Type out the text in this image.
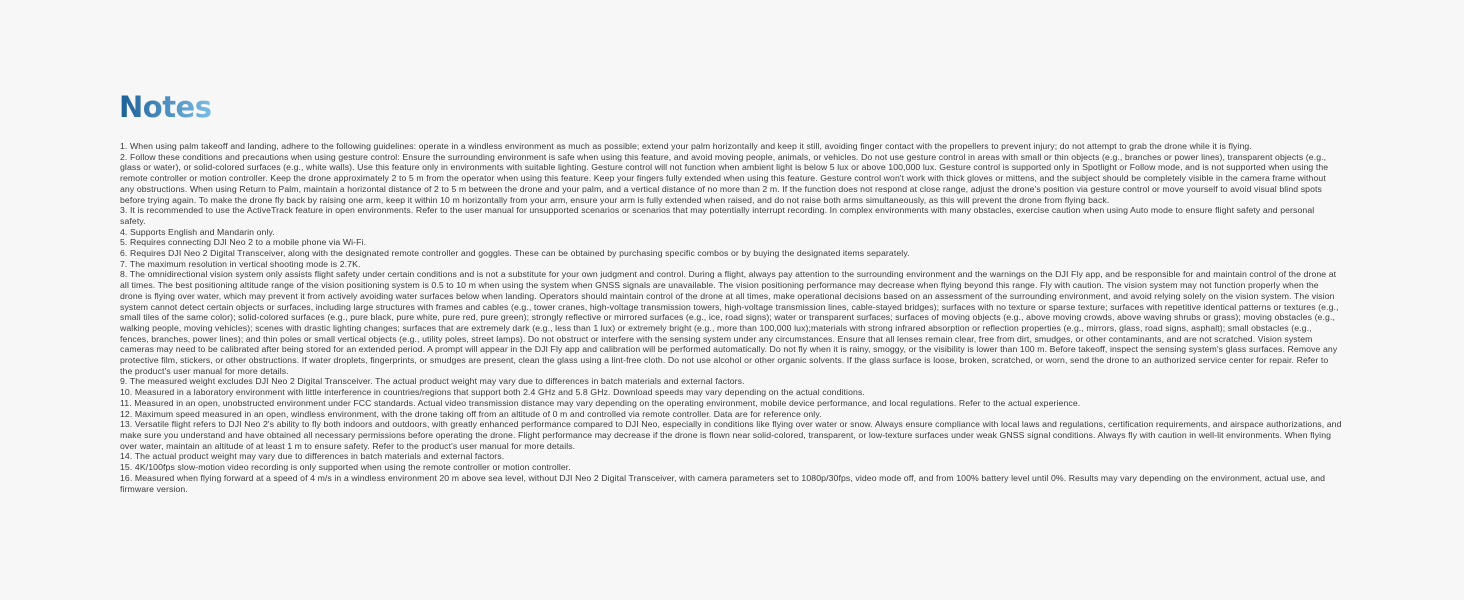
Notes
1. When using palm takeoff and landing, adhere to the following guidelines: operate in a windless environment as much as possible; extend your palm horizontally and keep it still, avoiding finger contact with the propellers to prevent injury; do not attempt to grab the drone while it is flying.
2. Follow these conditions and precautions when using gesture control: Ensure the surrounding environment is safe when using this feature, and avoid moving people, animals, or vehicles. Do not use gesture control in areas with small or thin objects (e.g., branches or power lines), transparent objects (e.g., glass or water), or solid-colored surfaces (e.g., white walls). Use this feature only in environments with suitable lighting. Gesture control will not function when ambient light is below 5 lux or above 100,000 lux. Gesture control is supported only in Spotlight or Follow mode, and is not supported when using the remote controller or motion controller. Keep the drone approximately 2 to 5 m from the operator when using this feature. Keep your fingers fully extended when using this feature. Gesture control won't work with thick gloves or mittens, and the subject should be completely visible in the camera frame without any obstructions. When using Return to Palm, maintain a horizontal distance of 2 to 5 m between the drone and your palm, and a vertical distance of no more than 2 m. If the function does not respond at close range, adjust the drone's position via gesture control or move yourself to avoid visual blind spots before trying again. To make the drone fly back by raising one arm, keep it within 10 m horizontally from your arm, ensure your arm is fully extended when raised, and do not raise both arms simultaneously, as this will prevent the drone from flying back.
3. It is recommended to use the ActiveTrack feature in open environments. Refer to the user manual for unsupported scenarios or scenarios that may potentially interrupt recording. In complex environments with many obstacles, exercise caution when using Auto mode to ensure flight safety and personal safety.
4. Supports English and Mandarin only.
5. Requires connecting DJI Neo 2 to a mobile phone via Wi-Fi.
6. Requires DJI Neo 2 Digital Transceiver, along with the designated remote controller and goggles. These can be obtained by purchasing specific combos or by buying the designated items separately.
7. The maximum resolution in vertical shooting mode is 2.7K.
8. The omnidirectional vision system only assists flight safety under certain conditions and is not a substitute for your own judgment and control. During a flight, always pay attention to the surrounding environment and the warnings on the DJI Fly app, and be responsible for and maintain control of the drone at all times. The best positioning altitude range of the vision positioning system is 0.5 to 10 m when using the system when GNSS signals are unavailable. The vision positioning performance may decrease when flying beyond this range. Fly with caution. The vision system may not function properly when the drone is flying over water, which may prevent it from actively avoiding water surfaces below when landing. Operators should maintain control of the drone at all times, make operational decisions based on an assessment of the surrounding environment, and avoid relying solely on the vision system. The vision system cannot detect certain objects or surfaces, including large structures with frames and cables (e.g., tower cranes, high-voltage transmission towers, high-voltage transmission lines, cable-stayed bridges); surfaces with no texture or sparse texture; surfaces with repetitive identical patterns or textures (e.g., small tiles of the same color); solid-colored surfaces (e.g., pure black, pure white, pure red, pure green); strongly reflective or mirrored surfaces (e.g., ice, road signs); water or transparent surfaces; surfaces of moving objects (e.g., above moving crowds, above waving shrubs or grass); moving obstacles (e.g., walking people, moving vehicles); scenes with drastic lighting changes; surfaces that are extremely dark (e.g., less than 1 lux) or extremely bright (e.g., more than 100,000 lux);materials with strong infrared absorption or reflection properties (e.g., mirrors, glass, road signs, asphalt); small obstacles (e.g., fences, branches, power lines); and thin poles or small vertical objects (e.g., utility poles, street lamps). Do not obstruct or interfere with the sensing system under any circumstances. Ensure that all lenses remain clear, free from dirt, smudges, or other contaminants, and are not scratched. Vision system cameras may need to be calibrated after being stored for an extended period. A prompt will appear in the DJI Fly app and calibration will be performed automatically. Do not fly when it is rainy, smoggy, or the visibility is lower than 100 m. Before takeoff, inspect the sensing system's glass surfaces. Remove any protective film, stickers, or other obstructions. If water droplets, fingerprints, or smudges are present, clean the glass using a lint-free cloth. Do not use alcohol or other organic solvents. If the glass surface is loose, broken, scratched, or worn, send the drone to an authorized service center for repair. Refer to the product's user manual for more details.
9. The measured weight excludes DJI Neo 2 Digital Transceiver. The actual product weight may vary due to differences in batch materials and external factors.
10. Measured in a laboratory environment with little interference in countries/regions that support both 2.4 GHz and 5.8 GHz. Download speeds may vary depending on the actual conditions.
11. Measured in an open, unobstructed environment under FCC standards. Actual video transmission distance may vary depending on the operating environment, mobile device performance, and local regulations. Refer to the actual experience.
12. Maximum speed measured in an open, windless environment, with the drone taking off from an altitude of 0 m and controlled via remote controller. Data are for reference only.
13. Versatile flight refers to DJI Neo 2's ability to fly both indoors and outdoors, with greatly enhanced performance compared to DJI Neo, especially in conditions like flying over water or snow. Always ensure compliance with local laws and regulations, certification requirements, and airspace authorizations, and make sure you understand and have obtained all necessary permissions before operating the drone. Flight performance may decrease if the drone is flown near solid-colored, transparent, or low-texture surfaces under weak GNSS signal conditions. Always fly with caution in well-lit environments. When flying over water, maintain an altitude of at least 1 m to ensure safety. Refer to the product's user manual for more details.
14. The actual product weight may vary due to differences in batch materials and external factors.
15. 4K/100fps slow-motion video recording is only supported when using the remote controller or motion controller.
16. Measured when flying forward at a speed of 4 m/s in a windless environment 20 m above sea level, without DJI Neo 2 Digital Transceiver, with camera parameters set to 1080p/30fps, video mode off, and from 100% battery level until 0%. Results may vary depending on the environment, actual use, and firmware version.
